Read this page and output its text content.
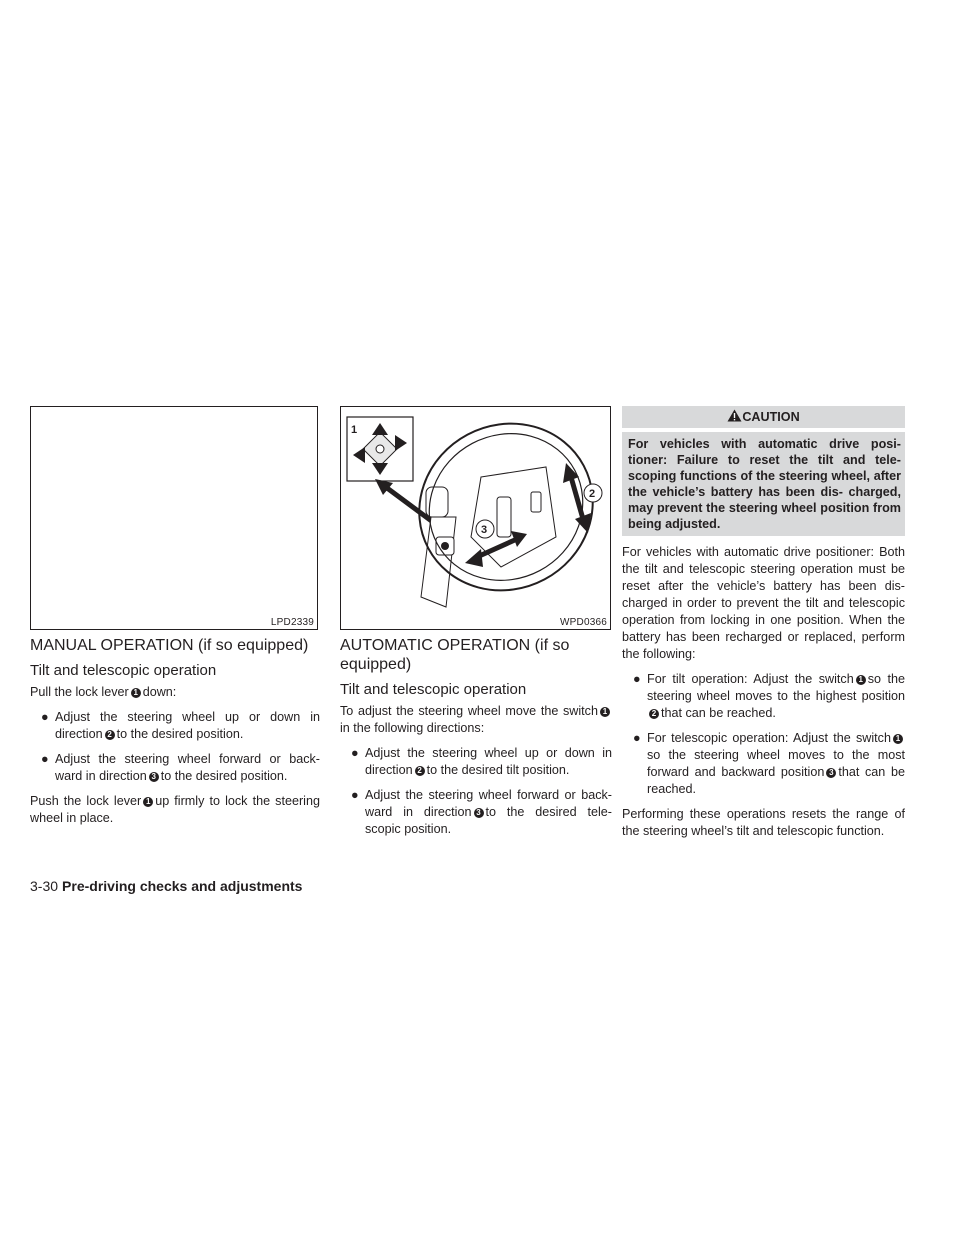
LPD2339
1
2
3
WPD0366
MANUAL OPERATION (if so equipped)
Tilt and telescopic operation

Pull the lock lever 1 down:

● Adjust the steering wheel up or down in direction 2 to the desired position.
● Adjust the steering wheel forward or back- ward in direction 3 to the desired position.

Push the lock lever 1 up firmly to lock the steering wheel in place.

AUTOMATIC OPERATION (if so equipped)
Tilt and telescopic operation

To adjust the steering wheel move the switch 1 in the following directions:

● Adjust the steering wheel up or down in direction 2 to the desired tilt position.
● Adjust the steering wheel forward or back- ward in direction 3 to the desired tele- scopic position.
CAUTION
For vehicles with automatic drive posi- tioner: Failure to reset the tilt and tele- scoping functions of the steering wheel, after the vehicle’s battery has been dis- charged, may prevent the steering wheel position from being adjusted.

For vehicles with automatic drive positioner: Both the tilt and telescopic steering operation must be reset after the vehicle’s battery has been dis- charged in order to prevent the tilt and telescopic operation from locking in one position. When the battery has been recharged or replaced, perform the following:

● For tilt operation: Adjust the switch 1 so the steering wheel moves to the highest position2 that can be reached.
● For telescopic operation: Adjust the switch 1so the steering wheel moves to the most forward and backward position 3 that can be reached.

Performing these operations resets the range of the steering wheel’s tilt and telescopic function.

3-30 Pre-driving checks and adjustments
